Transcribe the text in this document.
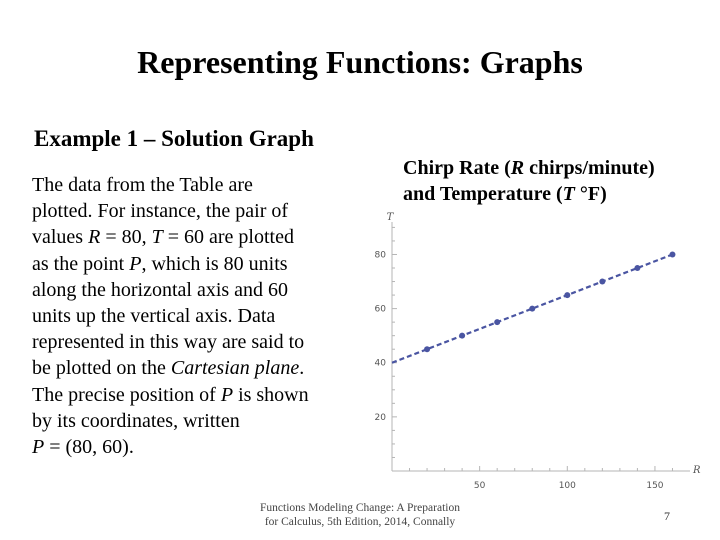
Representing Functions: Graphs
Example 1 – Solution Graph
The data from the Table are
plotted. For instance, the pair of
values R = 80, T = 60 are plotted
as the point P, which is 80 units
along the horizontal axis and 60
units up the vertical axis. Data
represented in this way are said to
be plotted on the Cartesian plane.
The precise position of P is shown
by its coordinates, written
P = (80, 60).
Chirp Rate (R chirps/minute)
and Temperature (T °F)
50	100	150
20
40
60
80
R
T
Functions Modeling Change: A Preparation
for Calculus, 5th Edition, 2014, Connally	7
